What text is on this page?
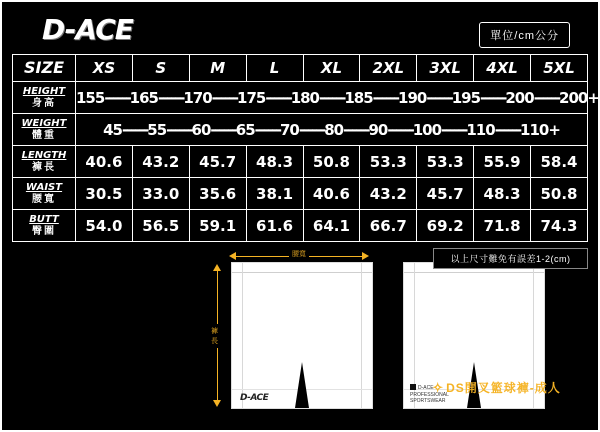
D-ACE	單位/cm公分
SIZE	XS	S	M	L	XL	2XL	3XL	4XL	5XL

HEIGHT
身高	155------165------170------175------180------185------190------195------200------200+								

WEIGHT
體重	45------55------60------65------70------80------90------100------110------110+								

LENGTH
褲長	40.6	43.2	45.7	48.3	50.8	53.3	53.3	55.9	58.4

WAIST
腰寬	30.5	33.0	35.6	38.1	40.6	43.2	45.7	48.3	50.8

BUTT
臀圍	54.0	56.5	59.1	61.6	64.1	66.7	69.2	71.8	74.3
腰寬
褲長
D-ACE
D-ACE
PROFESSIONAL
SPORTSWEAR
以上尺寸難免有誤差1-2(cm)
✧ DS開叉籃球褲-成人
